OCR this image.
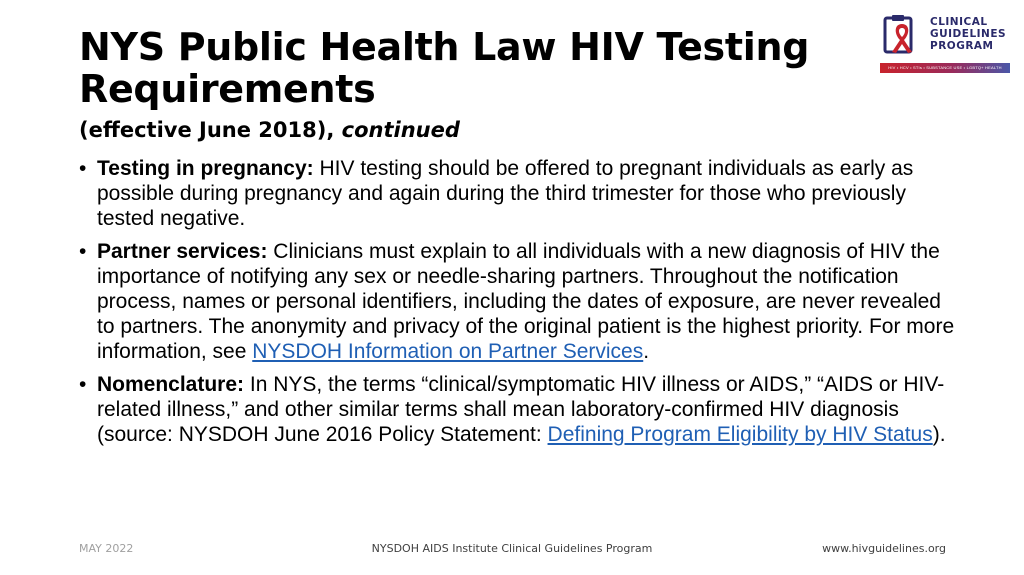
NYS Public Health Law HIV Testing Requirements
(effective June 2018), continued
CLINICAL
GUIDELINES
PROGRAM
HIV • HCV • STIs • SUBSTANCE USE • LGBTQ+ HEALTH
• Testing in pregnancy: HIV testing should be offered to pregnant individuals as early as possible during pregnancy and again during the third trimester for those who previously tested negative.
• Partner services: Clinicians must explain to all individuals with a new diagnosis of HIV the importance of notifying any sex or needle-sharing partners. Throughout the notification process, names or personal identifiers, including the dates of exposure, are never revealed to partners. The anonymity and privacy of the original patient is the highest priority. For more information, see NYSDOH Information on Partner Services.
• Nomenclature: In NYS, the terms “clinical/symptomatic HIV illness or AIDS,” “AIDS or HIV-related illness,” and other similar terms shall mean laboratory-confirmed HIV diagnosis (source: NYSDOH June 2016 Policy Statement: Defining Program Eligibility by HIV Status).
NYSDOH AIDS Institute Clinical Guidelines Program
MAY 2022	www.hivguidelines.org
